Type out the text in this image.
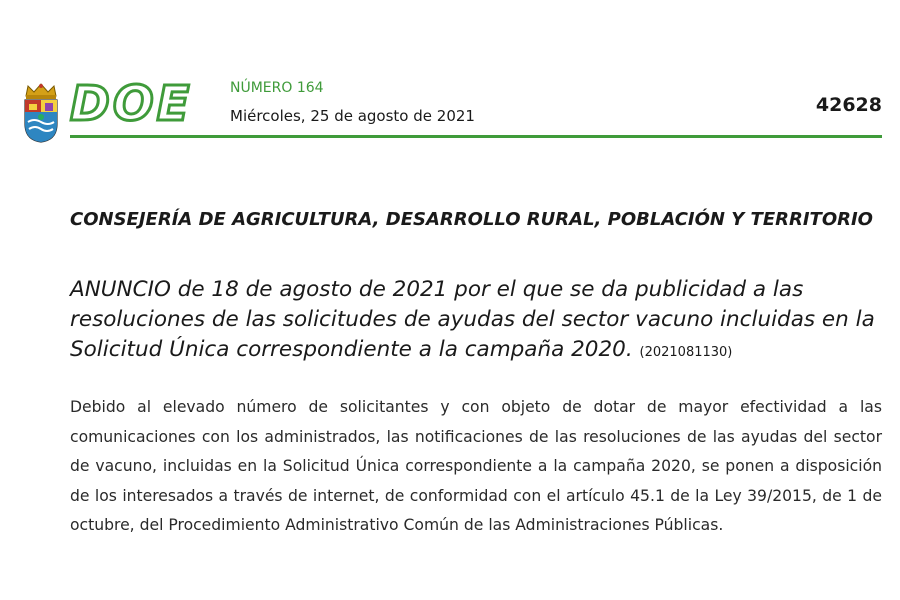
DOE	NÚMERO 164
Miércoles, 25 de agosto de 2021	42628
CONSEJERÍA DE AGRICULTURA, DESARROLLO RURAL, POBLACIÓN Y TERRITORIO
ANUNCIO de 18 de agosto de 2021 por el que se da publicidad a las resoluciones de las solicitudes de ayudas del sector vacuno incluidas en la Solicitud Única correspondiente a la campaña 2020. (2021081130)
Debido al elevado número de solicitantes y con objeto de dotar de mayor efectividad a las comunicaciones con los administrados, las notificaciones de las resoluciones de las ayudas del sector de vacuno, incluidas en la Solicitud Única correspondiente a la campaña 2020, se ponen a disposición de los interesados a través de internet, de conformidad con el artículo 45.1 de la Ley 39/2015, de 1 de octubre, del Procedimiento Administrativo Común de las Administraciones Públicas.
